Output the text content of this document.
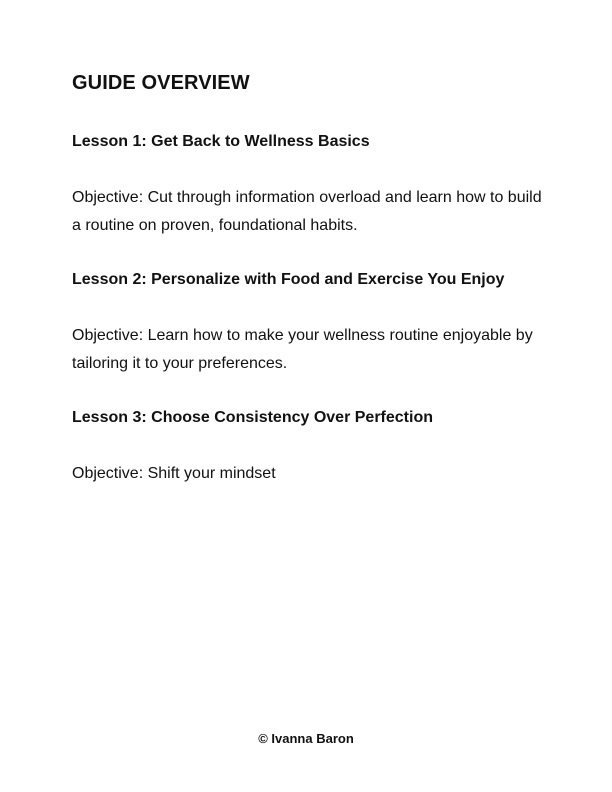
GUIDE OVERVIEW
Lesson 1: Get Back to Wellness Basics

Objective: Cut through information overload and learn how to build a routine on proven, foundational habits.

Lesson 2: Personalize with Food and Exercise You Enjoy

Objective: Learn how to make your wellness routine enjoyable by tailoring it to your preferences.

Lesson 3: Choose Consistency Over Perfection

Objective: Shift your mindset

© Ivanna Baron
